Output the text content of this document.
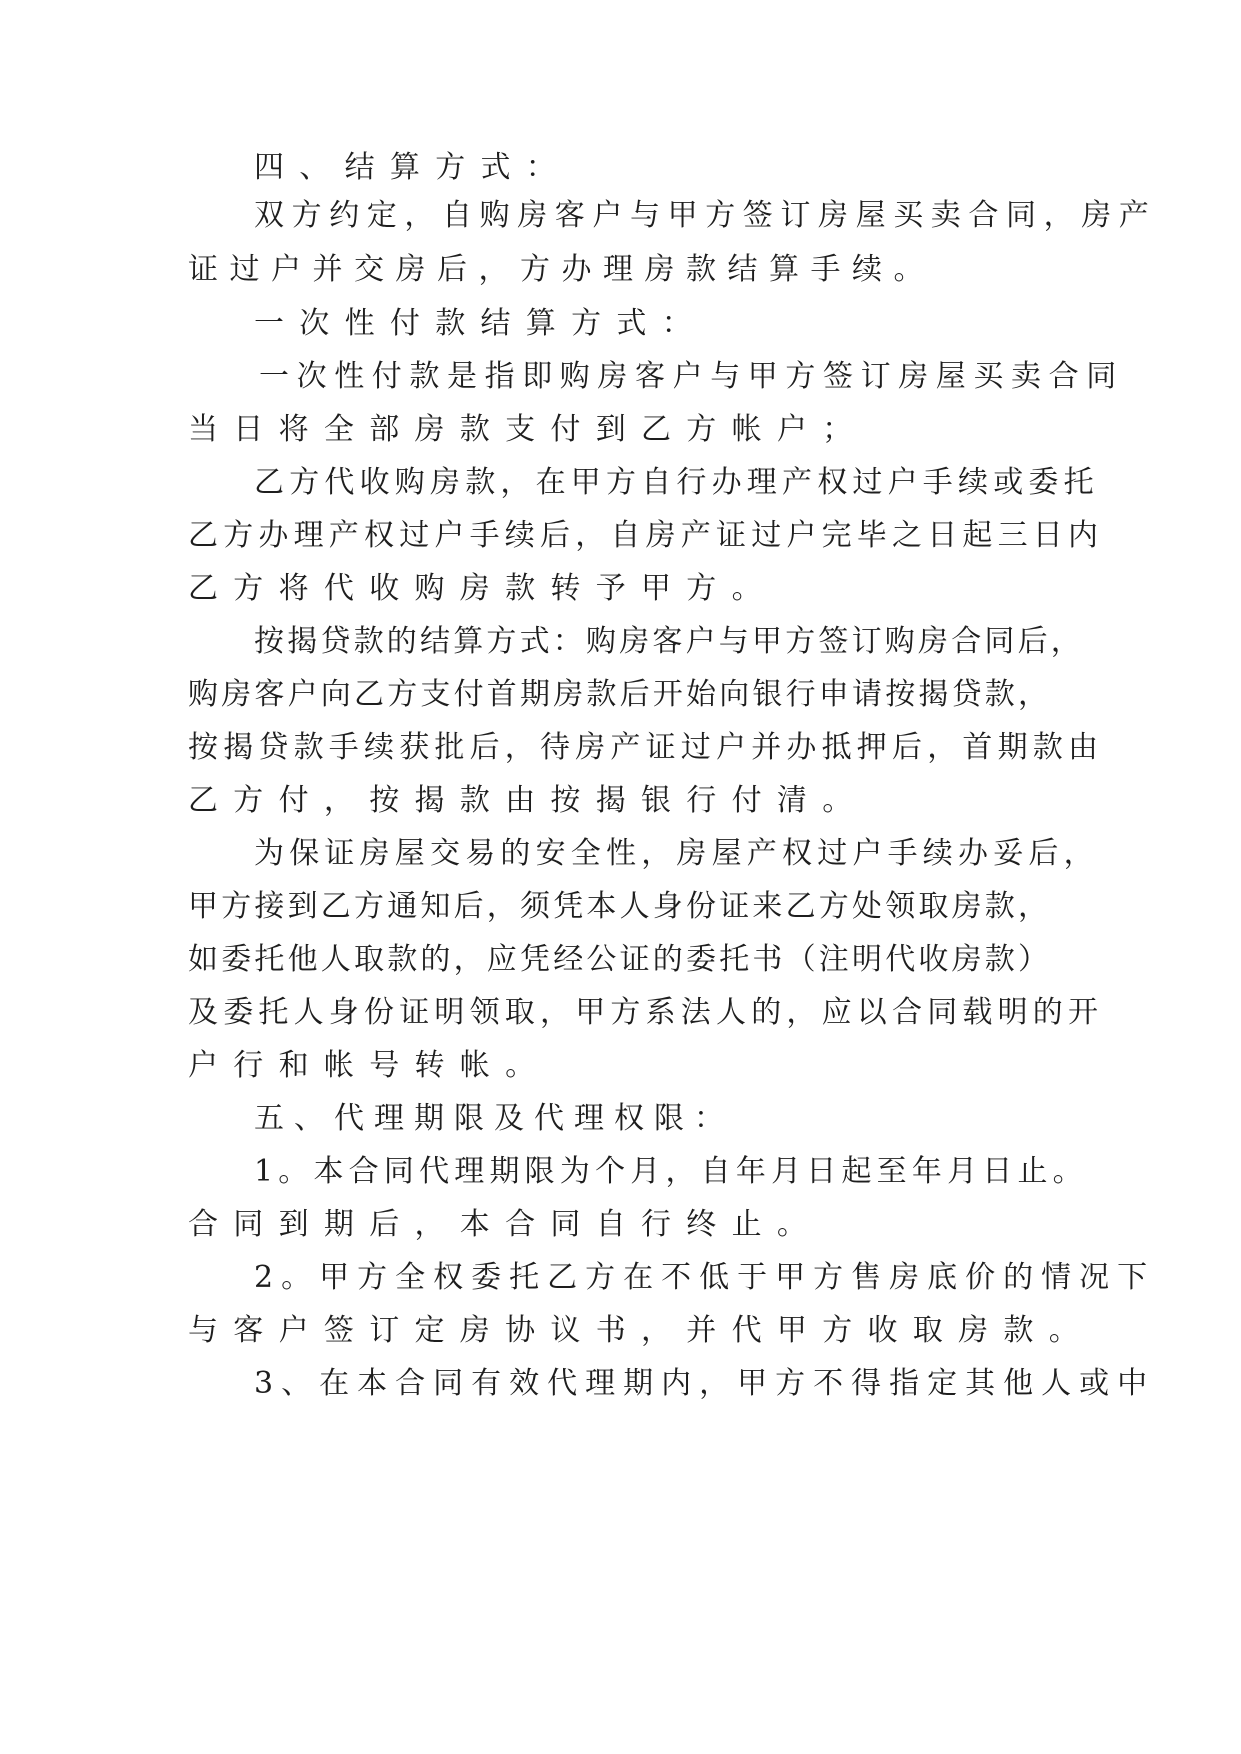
四、结算方式：

双方约定，自购房客户与甲方签订房屋买卖合同，房产

证过户并交房后，方办理房款结算手续。

一次性付款结算方式：

一次性付款是指即购房客户与甲方签订房屋买卖合同

当日将全部房款支付到乙方帐户；

乙方代收购房款，在甲方自行办理产权过户手续或委托

乙方办理产权过户手续后，自房产证过户完毕之日起三日内

乙方将代收购房款转予甲方。

按揭贷款的结算方式：购房客户与甲方签订购房合同后，

购房客户向乙方支付首期房款后开始向银行申请按揭贷款，

按揭贷款手续获批后，待房产证过户并办抵押后，首期款由

乙方付，按揭款由按揭银行付清。

为保证房屋交易的安全性，房屋产权过户手续办妥后，

甲方接到乙方通知后，须凭本人身份证来乙方处领取房款，

如委托他人取款的，应凭经公证的委托书（注明代收房款）

及委托人身份证明领取，甲方系法人的，应以合同载明的开

户行和帐号转帐。

五、代理期限及代理权限：

1。本合同代理期限为个月，自年月日起至年月日止。

合同到期后，本合同自行终止。

2。甲方全权委托乙方在不低于甲方售房底价的情况下

与客户签订定房协议书，并代甲方收取房款。

3、在本合同有效代理期内，甲方不得指定其他人或中
